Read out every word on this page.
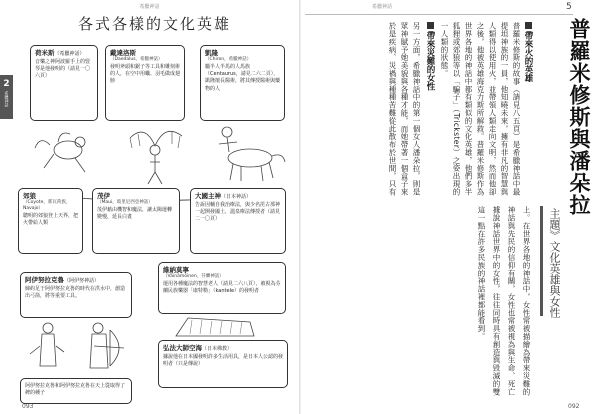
希臘神話
各式各樣的文化英雄
2
希臘神話
荷米斯（希臘神話）
音樂之神阿波羅手上的豎琴是他發明的（請見一〇六頁）
戴達洛斯
（Daedalus，希臘神話）
發明斧頭和鋸子等工具和雕刻術的人，在空中用蠟、羽毛做成翅膀
凱隆
（Chiron，希臘神話）
屬半人半馬的人馬族（Centaurus，請見二六二頁），凱隆擅長醫術，將其傳授醫術與藥物的人
郊狼
（Coyote，那瓦荷族，Navajo）
聰明的郊狼登上天界，把火帶給人類
茂伊
（Maui，玻里尼西亞神話）
茂伊藉由機智和魔法，讓太陽運轉變慢，延長白晝
大國主神（日本神話）
告訴因輔自我治療法，與少名毘古那神一起開發國土，溫泉療法傳授者（請見二一〇頁）
阿伊努拉克魯（阿伊努神話）
締約足于阿伊努拉克魯的時代在洪水中，創造出弓箭，將等重要工具。
維納莫寧
（Väinämöinen，芬蘭神話）
運用各種魔法的智慧老人（請見二六八頁），被視為芬蘭民族樂器「康特勒」（kantele）的發明者
弘法大師空海（日本佛教）
據說他在日本國發明許多生活用具，是日本人公認的發明者（只是傳說）
阿伊努拉克魯和阿伊努拉克魯在天上從取得了稗的種子
093
希臘神話	5
普羅米修斯與潘朵拉
主題》文化英雄與女性
帶來火的英雄
普羅米修斯的故事（請見八五頁）是希臘神話中最
提坦神族的一員，他知曉未來，擁有非凡的智慧與
人類得以使用火，並帶領人類走向文明，然而他卻
之後，他被英雄海克力斯所解救。普羅米修斯作為
世界各地的神話中都有類似的文化英雄，他們多半
狐狸或郊狼等以「騙子」（Trickster）之姿出現的
一人類的狀態。
帶來災難的女性
另一方面，希臘神話中的第一個女人潘朵拉，則是
眾神賦予她美貌與各種才能，而她帶著一個盒子來
於是疾病、災禍與種種苦難從此散布於世間，只有
上。在世界各地的神話中，女性常被描繪為帶來災難的
神話與先民的信仰有關，女性也常被視為與生命、死亡
據說神話世界中的女性，往往同時具有創造與毀滅的雙
這一點在許多民族的神話裡都能看到。
092
